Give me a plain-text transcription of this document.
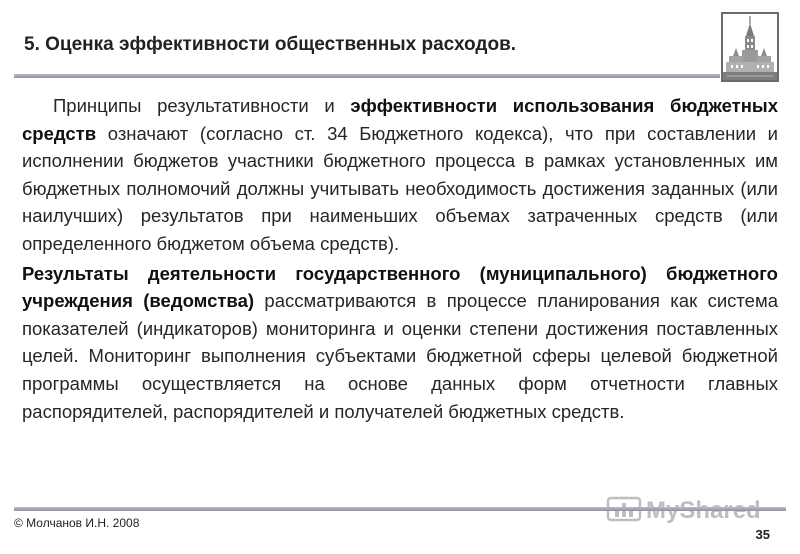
5. Оценка эффективности общественных расходов.

Принципы результативности и эффективности использования бюджетных средств означают (согласно ст. 34 Бюджетного кодекса), что при составлении и исполнении бюджетов участники бюджетного процесса в рамках установленных им бюджетных полномочий должны учитывать необходимость достижения заданных (или наилучших) результатов при наименьших объемах затраченных средств (или определенного бюджетом объема средств).

Результаты деятельности государственного (муниципального) бюджетного учреждения (ведомства) рассматриваются в процессе планирования как система показателей (индикаторов) мониторинга и оценки степени достижения поставленных целей. Мониторинг выполнения субъектами бюджетной сферы целевой бюджетной программы осуществляется на основе данных форм отчетности главных распорядителей, распорядителей и получателей бюджетных средств.

© Молчанов И.Н. 2008
35
